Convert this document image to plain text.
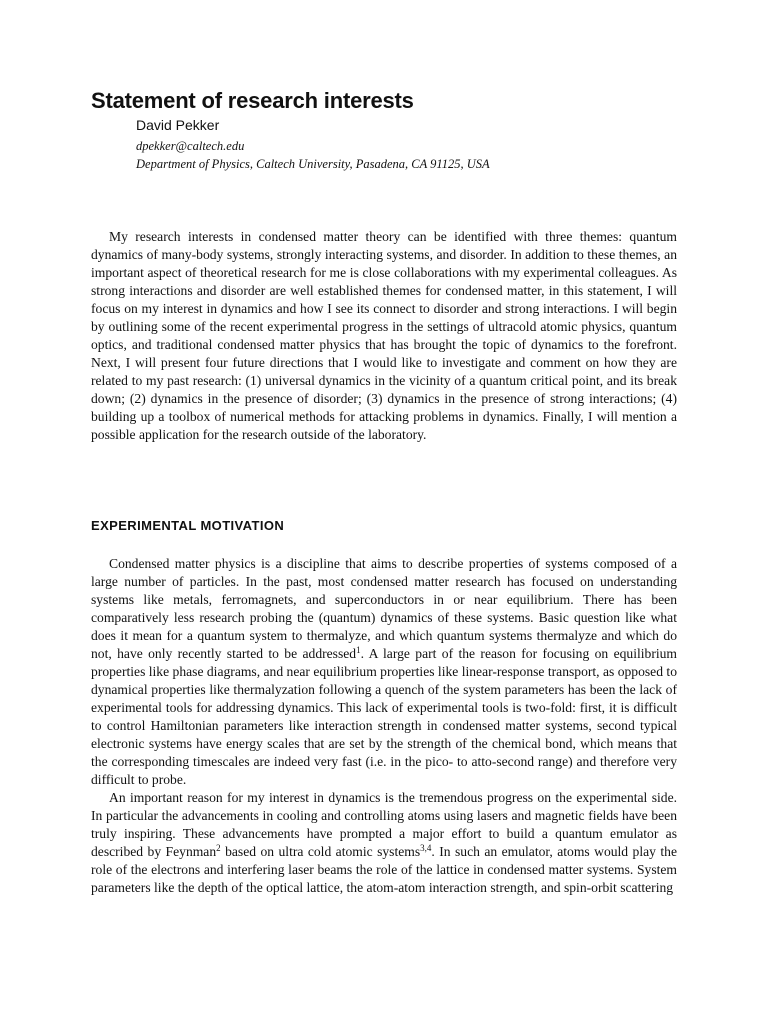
Statement of research interests
David Pekker
dpekker@caltech.edu
Department of Physics, Caltech University, Pasadena, CA 91125, USA

My research interests in condensed matter theory can be identified with three themes: quantum dynamics of many-body systems, strongly interacting systems, and disorder. In addition to these themes, an important aspect of theoretical research for me is close collaborations with my experimental colleagues. As strong interactions and disorder are well established themes for condensed matter, in this statement, I will focus on my interest in dynamics and how I see its connect to disorder and strong interactions. I will begin by outlining some of the recent experimental progress in the settings of ultracold atomic physics, quantum optics, and traditional condensed matter physics that has brought the topic of dynamics to the forefront. Next, I will present four future directions that I would like to investigate and comment on how they are related to my past research: (1) universal dynamics in the vicinity of a quantum critical point, and its break down; (2) dynamics in the presence of disorder; (3) dynamics in the presence of strong interactions; (4) building up a toolbox of numerical methods for attacking problems in dynamics. Finally, I will mention a possible application for the research outside of the laboratory.

EXPERIMENTAL MOTIVATION

Condensed matter physics is a discipline that aims to describe properties of systems composed of a large number of particles. In the past, most condensed matter research has focused on understanding systems like metals, ferromagnets, and superconductors in or near equilibrium. There has been comparatively less research probing the (quantum) dynamics of these systems. Basic question like what does it mean for a quantum system to thermalyze, and which quantum systems thermalyze and which do not, have only recently started to be addressed$^1$. A large part of the reason for focusing on equilibrium properties like phase diagrams, and near equilibrium properties like linear-response transport, as opposed to dynamical properties like thermalyzation following a quench of the system parameters has been the lack of experimental tools for addressing dynamics. This lack of experimental tools is two-fold: first, it is difficult to control Hamiltonian parameters like interaction strength in condensed matter systems, second typical electronic systems have energy scales that are set by the strength of the chemical bond, which means that the corresponding timescales are indeed very fast (i.e. in the pico- to atto-second range) and therefore very difficult to probe.

An important reason for my interest in dynamics is the tremendous progress on the experimental side. In particular the advancements in cooling and controlling atoms using lasers and magnetic fields have been truly inspiring. These advancements have prompted a major effort to build a quantum emulator as described by Feynman$^2$ based on ultra cold atomic systems$^{3,4}$. In such an emulator, atoms would play the role of the electrons and interfering laser beams the role of the lattice in condensed matter systems. System parameters like the depth of the optical lattice, the atom-atom interaction strength, and spin-orbit scattering
